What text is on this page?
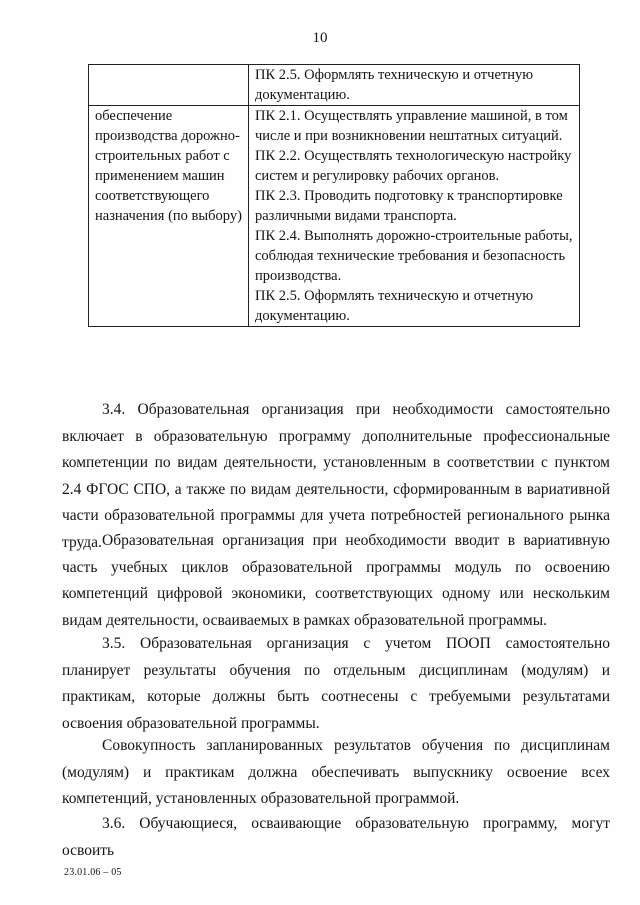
10

	ПК 2.5. Оформлять техническую и отчетную документацию.

обеспечение производства дорожно-строительных работ с применением машин соответствующего назначения (по выбору)	ПК 2.1. Осуществлять управление машиной, в том числе и при возникновении нештатных ситуаций.
ПК 2.2. Осуществлять технологическую настройку систем и регулировку рабочих органов.
ПК 2.3. Проводить подготовку к транспортировке различными видами транспорта.
ПК 2.4. Выполнять дорожно-строительные работы, соблюдая технические требования и безопасность производства.
ПК 2.5. Оформлять техническую и отчетную документацию.

3.4. Образовательная организация при необходимости самостоятельно включает в образовательную программу дополнительные профессиональные компетенции по видам деятельности, установленным в соответствии с пунктом 2.4 ФГОС СПО, а также по видам деятельности, сформированным в вариативной части образовательной программы для учета потребностей регионального рынка труда. Образовательная организация при необходимости вводит в вариативную часть учебных циклов образовательной программы модуль по освоению компетенций цифровой экономики, соответствующих одному или нескольким видам деятельности, осваиваемых в рамках образовательной программы.

3.5. Образовательная организация с учетом ПООП самостоятельно планирует результаты обучения по отдельным дисциплинам (модулям) и практикам, которые должны быть соотнесены с требуемыми результатами освоения образовательной программы.

Совокупность запланированных результатов обучения по дисциплинам (модулям) и практикам должна обеспечивать выпускнику освоение всех компетенций, установленных образовательной программой.

3.6. Обучающиеся, осваивающие образовательную программу, могут освоить

23.01.06 – 05
